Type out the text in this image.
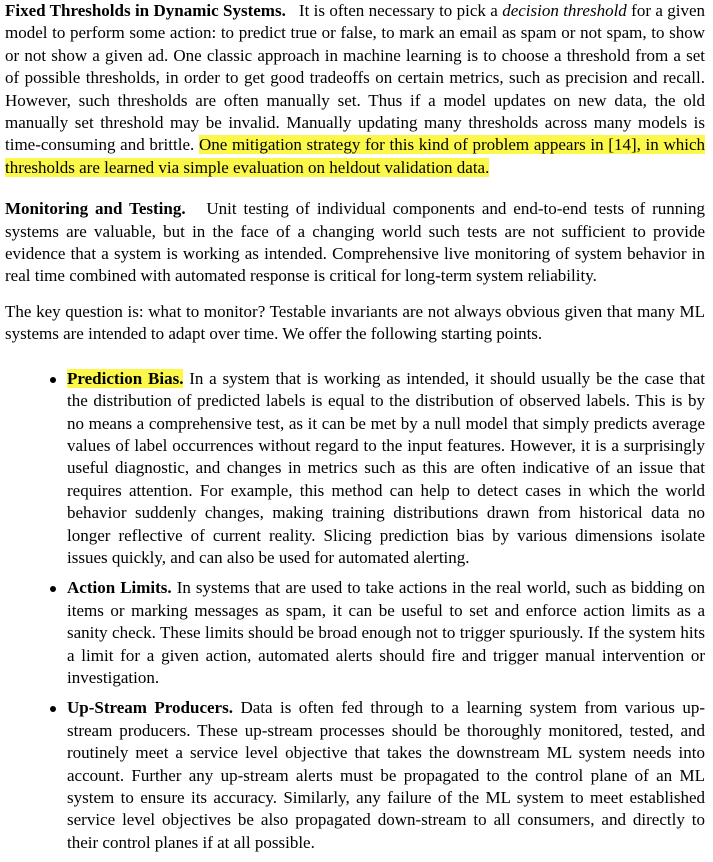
Fixed Thresholds in Dynamic Systems. It is often necessary to pick a decision threshold for a given model to perform some action: to predict true or false, to mark an email as spam or not spam, to show or not show a given ad. One classic approach in machine learning is to choose a threshold from a set of possible thresholds, in order to get good tradeoffs on certain metrics, such as precision and recall. However, such thresholds are often manually set. Thus if a model updates on new data, the old manually set threshold may be invalid. Manually updating many thresholds across many models is time-consuming and brittle. One mitigation strategy for this kind of problem appears in [14], in which thresholds are learned via simple evaluation on heldout validation data.

Monitoring and Testing. Unit testing of individual components and end-to-end tests of running systems are valuable, but in the face of a changing world such tests are not sufficient to provide evidence that a system is working as intended. Comprehensive live monitoring of system behavior in real time combined with automated response is critical for long-term system reliability.

The key question is: what to monitor? Testable invariants are not always obvious given that many ML systems are intended to adapt over time. We offer the following starting points.

Prediction Bias. In a system that is working as intended, it should usually be the case that the distribution of predicted labels is equal to the distribution of observed labels. This is by no means a comprehensive test, as it can be met by a null model that simply predicts average values of label occurrences without regard to the input features. However, it is a surprisingly useful diagnostic, and changes in metrics such as this are often indicative of an issue that requires attention. For example, this method can help to detect cases in which the world behavior suddenly changes, making training distributions drawn from historical data no longer reflective of current reality. Slicing prediction bias by various dimensions isolate issues quickly, and can also be used for automated alerting.
Action Limits. In systems that are used to take actions in the real world, such as bidding on items or marking messages as spam, it can be useful to set and enforce action limits as a sanity check. These limits should be broad enough not to trigger spuriously. If the system hits a limit for a given action, automated alerts should fire and trigger manual intervention or investigation.
Up-Stream Producers. Data is often fed through to a learning system from various up-stream producers. These up-stream processes should be thoroughly monitored, tested, and routinely meet a service level objective that takes the downstream ML system needs into account. Further any up-stream alerts must be propagated to the control plane of an ML system to ensure its accuracy. Similarly, any failure of the ML system to meet established service level objectives be also propagated down-stream to all consumers, and directly to their control planes if at all possible.
